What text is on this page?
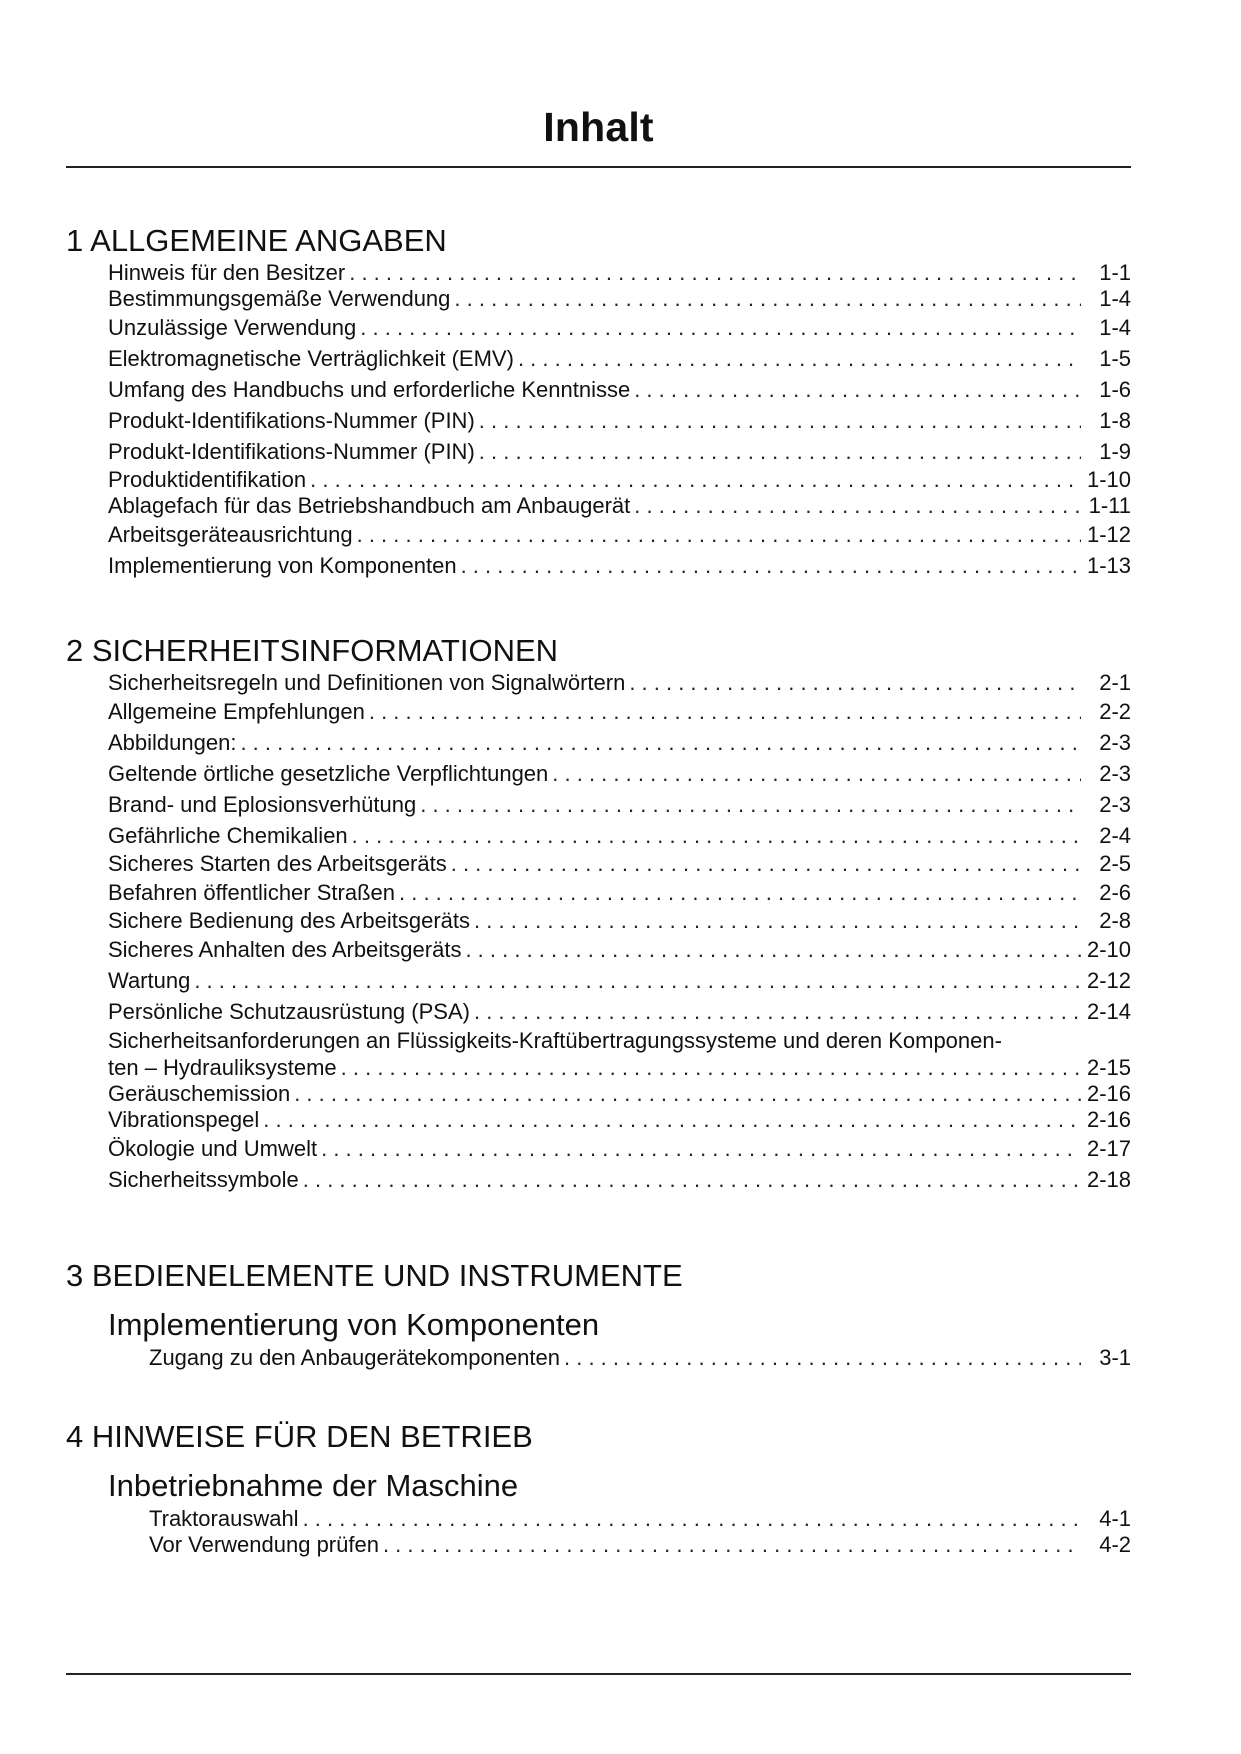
Inhalt
1 ALLGEMEINE ANGABEN
Hinweis für den Besitzer . . .	1-1
Bestimmungsgemäße Verwendung . . .	1-4
Unzulässige Verwendung . . .	1-4
Elektromagnetische Verträglichkeit (EMV) . . .	1-5
Umfang des Handbuchs und erforderliche Kenntnisse . . .	1-6
Produkt-Identifikations-Nummer (PIN) . . .	1-8
Produkt-Identifikations-Nummer (PIN) . . .	1-9
Produktidentifikation . . .	1-10
Ablagefach für das Betriebshandbuch am Anbaugerät . . .	1-11
Arbeitsgeräteausrichtung . . .	1-12
Implementierung von Komponenten . . .	1-13
2 SICHERHEITSINFORMATIONEN
Sicherheitsregeln und Definitionen von Signalwörtern . . .	2-1
Allgemeine Empfehlungen . . .	2-2
Abbildungen: . . .	2-3
Geltende örtliche gesetzliche Verpflichtungen . . .	2-3
Brand- und Eplosionsverhütung . . .	2-3
Gefährliche Chemikalien . . .	2-4
Sicheres Starten des Arbeitsgeräts . . .	2-5
Befahren öffentlicher Straßen . . .	2-6
Sichere Bedienung des Arbeitsgeräts . . .	2-8
Sicheres Anhalten des Arbeitsgeräts . . .	2-10
Wartung . . .	2-12
Persönliche Schutzausrüstung (PSA) . . .	2-14
Sicherheitsanforderungen an Flüssigkeits-Kraftübertragungssysteme und deren Komponen-
ten – Hydrauliksysteme . . .	2-15
Geräuschemission . . .	2-16
Vibrationspegel . . .	2-16
Ökologie und Umwelt . . .	2-17
Sicherheitssymbole . . .	2-18
3 BEDIENELEMENTE UND INSTRUMENTE
Implementierung von Komponenten
Zugang zu den Anbaugerätekomponenten . . .	3-1
4 HINWEISE FÜR DEN BETRIEB
Inbetriebnahme der Maschine
Traktorauswahl . . .	4-1
Vor Verwendung prüfen . . .	4-2
